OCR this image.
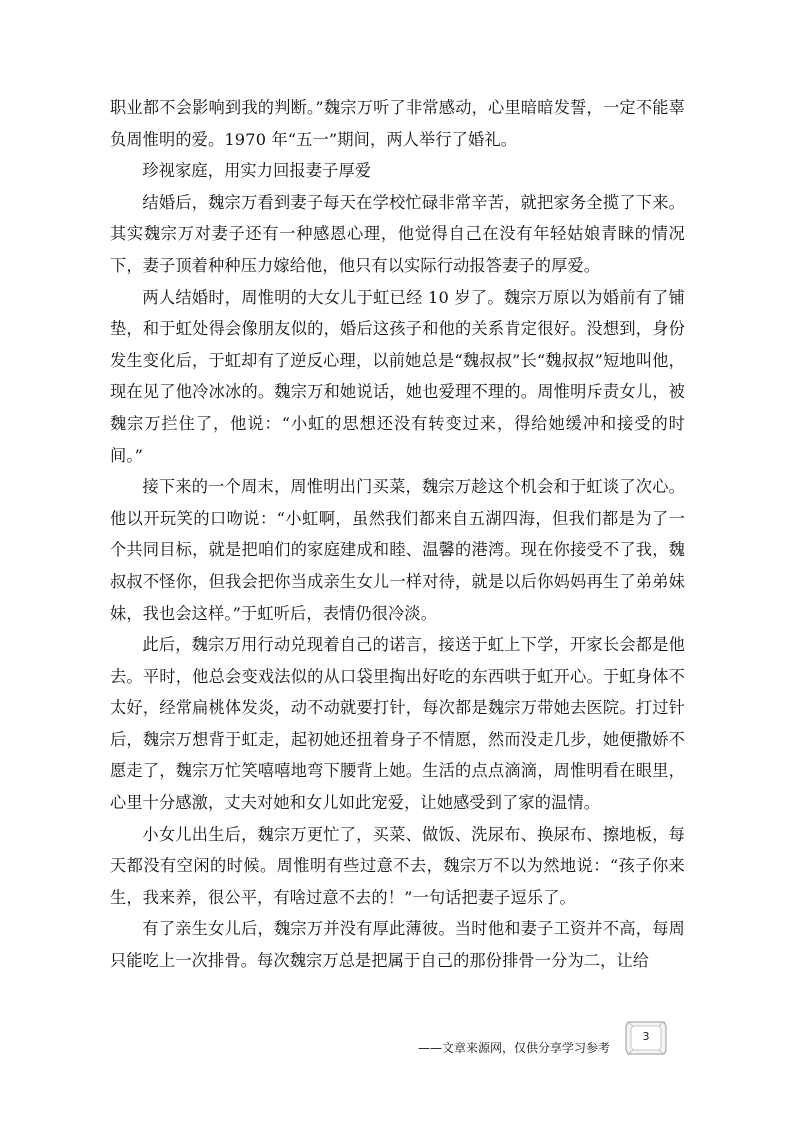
职业都不会影响到我的判断。”魏宗万听了非常感动，心里暗暗发誓，一定不能辜负周惟明的爱。1970 年“五一”期间，两人举行了婚礼。

珍视家庭，用实力回报妻子厚爱

结婚后，魏宗万看到妻子每天在学校忙碌非常辛苦，就把家务全揽了下来。其实魏宗万对妻子还有一种感恩心理，他觉得自己在没有年轻姑娘青睐的情况下，妻子顶着种种压力嫁给他，他只有以实际行动报答妻子的厚爱。

两人结婚时，周惟明的大女儿于虹已经 10 岁了。魏宗万原以为婚前有了铺垫，和于虹处得会像朋友似的，婚后这孩子和他的关系肯定很好。没想到，身份发生变化后，于虹却有了逆反心理，以前她总是“魏叔叔”长“魏叔叔”短地叫他，现在见了他冷冰冰的。魏宗万和她说话，她也爱理不理的。周惟明斥责女儿，被魏宗万拦住了，他说：“小虹的思想还没有转变过来，得给她缓冲和接受的时间。”

接下来的一个周末，周惟明出门买菜，魏宗万趁这个机会和于虹谈了次心。他以开玩笑的口吻说：“小虹啊，虽然我们都来自五湖四海，但我们都是为了一个共同目标，就是把咱们的家庭建成和睦、温馨的港湾。现在你接受不了我，魏叔叔不怪你，但我会把你当成亲生女儿一样对待，就是以后你妈妈再生了弟弟妹妹，我也会这样。”于虹听后，表情仍很冷淡。

此后，魏宗万用行动兑现着自己的诺言，接送于虹上下学，开家长会都是他去。平时，他总会变戏法似的从口袋里掏出好吃的东西哄于虹开心。于虹身体不太好，经常扁桃体发炎，动不动就要打针，每次都是魏宗万带她去医院。打过针后，魏宗万想背于虹走，起初她还扭着身子不情愿，然而没走几步，她便撒娇不愿走了，魏宗万忙笑嘻嘻地弯下腰背上她。生活的点点滴滴，周惟明看在眼里，心里十分感激，丈夫对她和女儿如此宠爱，让她感受到了家的温情。

小女儿出生后，魏宗万更忙了，买菜、做饭、洗尿布、换尿布、擦地板，每天都没有空闲的时候。周惟明有些过意不去，魏宗万不以为然地说：“孩子你来生，我来养，很公平，有啥过意不去的！”一句话把妻子逗乐了。

有了亲生女儿后，魏宗万并没有厚此薄彼。当时他和妻子工资并不高，每周只能吃上一次排骨。每次魏宗万总是把属于自己的那份排骨一分为二，让给

——文章来源网，仅供分享学习参考
3
